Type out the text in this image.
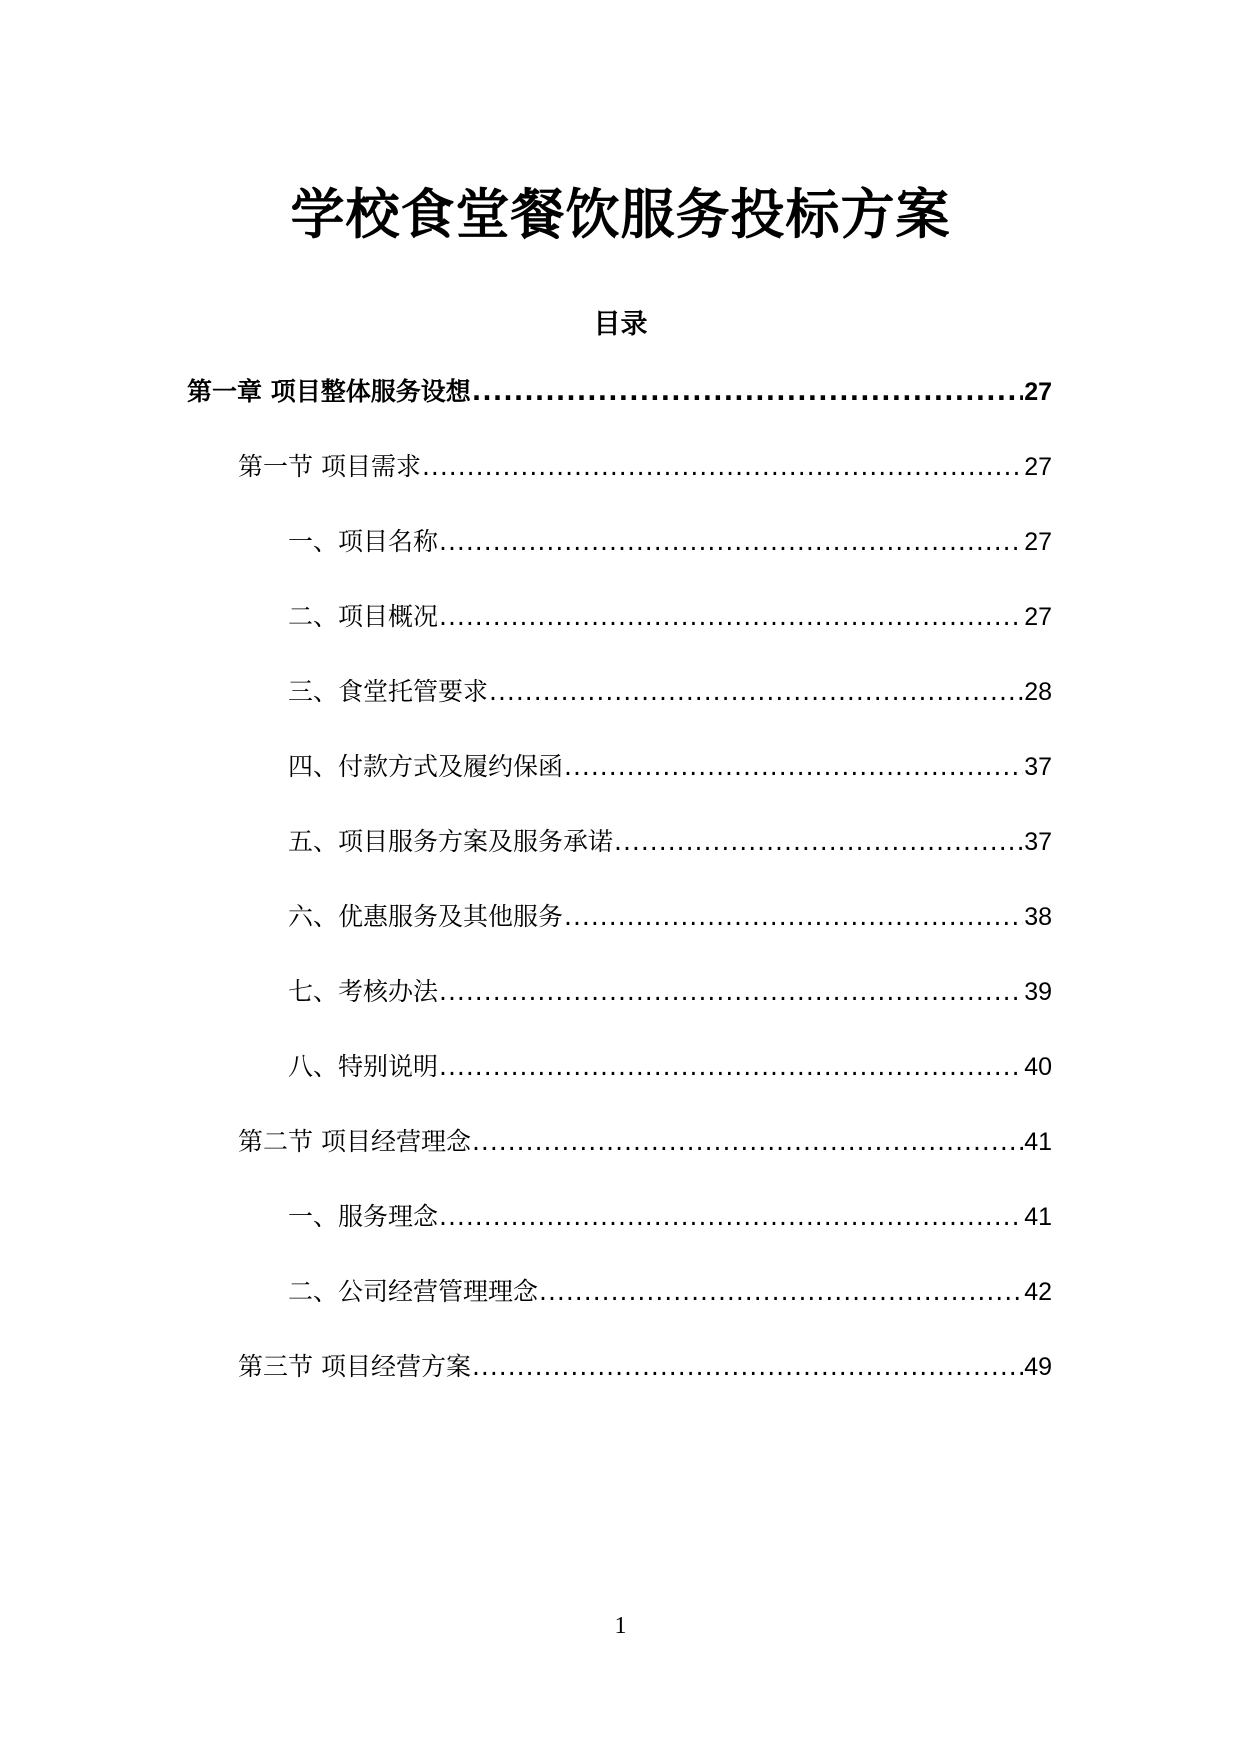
学校食堂餐饮服务投标方案
目录
第一章 项目整体服务设想 .....	27
第一节 项目需求 .....	27
一、项目名称 .....	27
二、项目概况 .....	27
三、食堂托管要求 .....	28
四、付款方式及履约保函 .....	37
五、项目服务方案及服务承诺 .....	37
六、优惠服务及其他服务 .....	38
七、考核办法 .....	39
八、特别说明 .....	40
第二节 项目经营理念 .....	41
一、服务理念 .....	41
二、公司经营管理理念 .....	42
第三节 项目经营方案 .....	49
1
